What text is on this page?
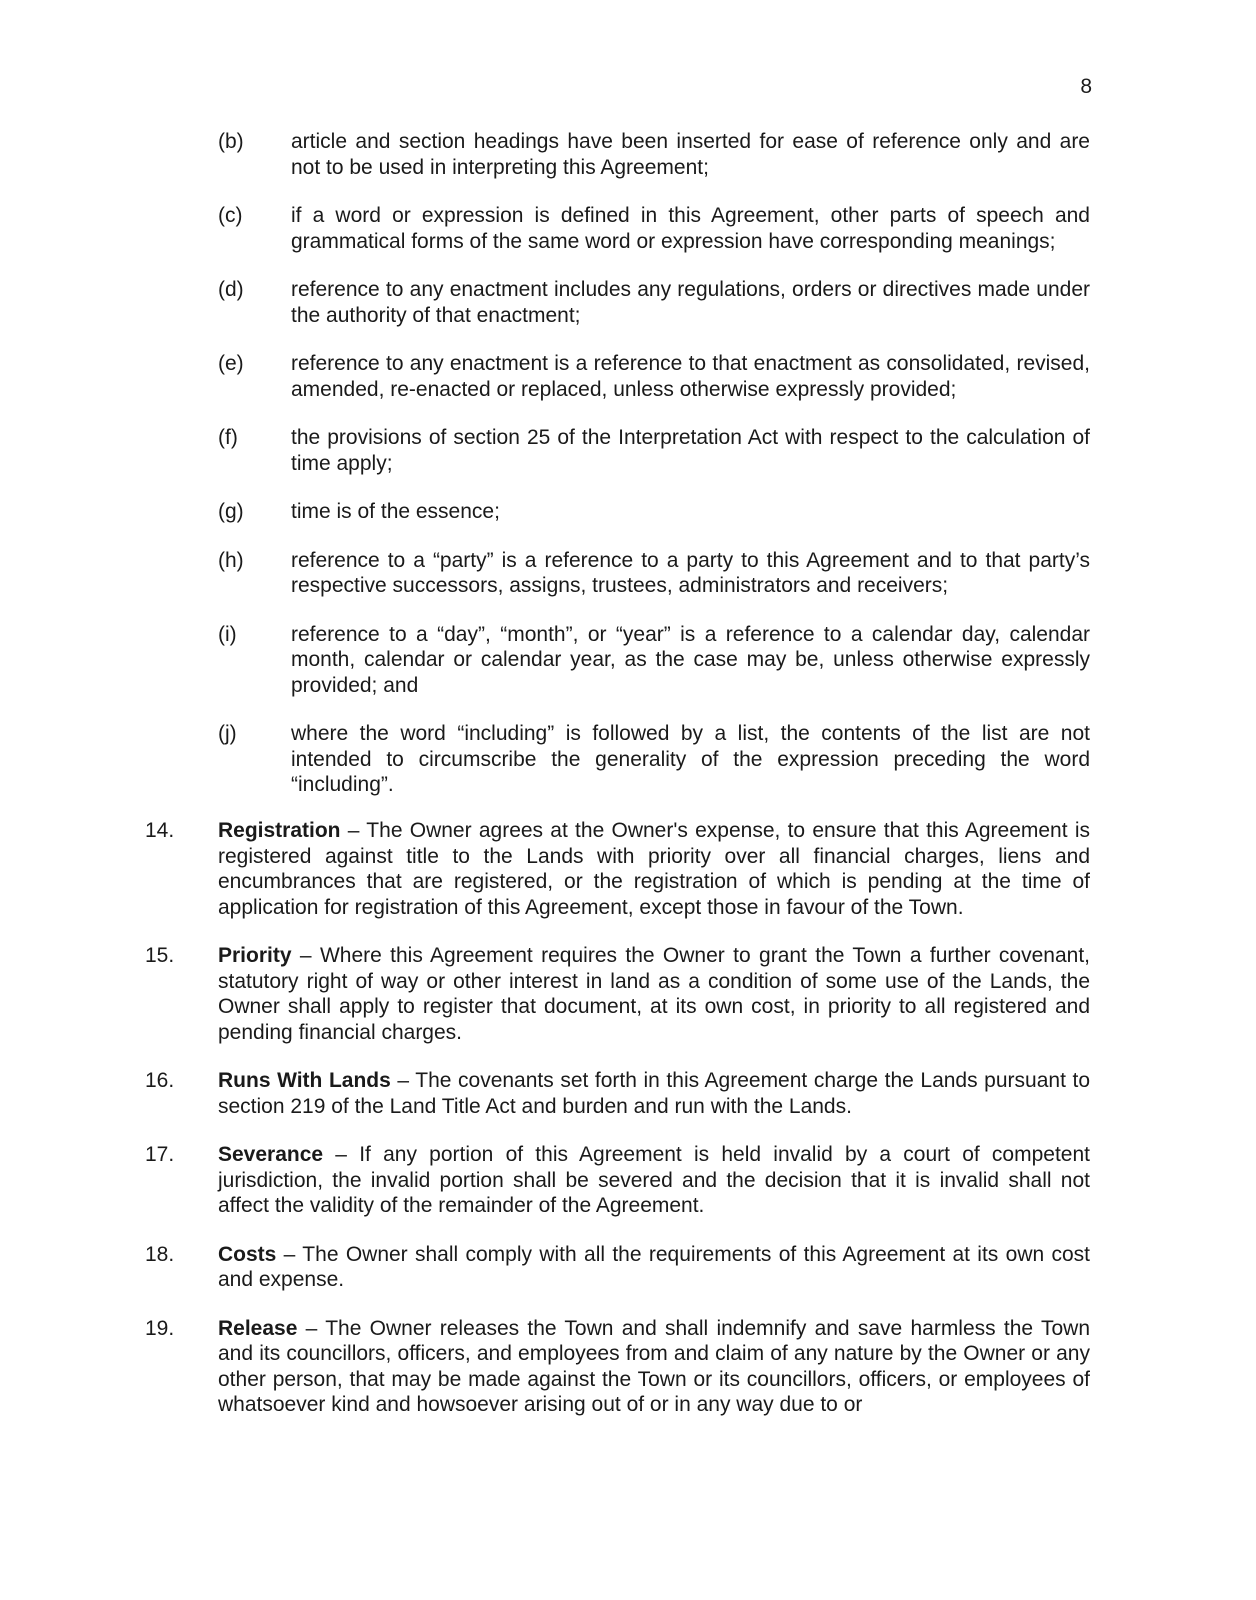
8
(b)	article and section headings have been inserted for ease of reference only and are not to be used in interpreting this Agreement;
(c)	if a word or expression is defined in this Agreement, other parts of speech and grammatical forms of the same word or expression have corresponding meanings;
(d)	reference to any enactment includes any regulations, orders or directives made under the authority of that enactment;
(e)	reference to any enactment is a reference to that enactment as consolidated, revised, amended, re-enacted or replaced, unless otherwise expressly provided;
(f)	the provisions of section 25 of the Interpretation Act with respect to the calculation of time apply;
(g)	time is of the essence;
(h)	reference to a “party” is a reference to a party to this Agreement and to that party’s respective successors, assigns, trustees, administrators and receivers;
(i)	reference to a “day”, “month”, or “year” is a reference to a calendar day, calendar month, calendar or calendar year, as the case may be, unless otherwise expressly provided; and
(j)	where the word “including” is followed by a list, the contents of the list are not intended to circumscribe the generality of the expression preceding the word “including”.
14.	Registration – The Owner agrees at the Owner's expense, to ensure that this Agreement is registered against title to the Lands with priority over all financial charges, liens and encumbrances that are registered, or the registration of which is pending at the time of application for registration of this Agreement, except those in favour of the Town.
15.	Priority – Where this Agreement requires the Owner to grant the Town a further covenant, statutory right of way or other interest in land as a condition of some use of the Lands, the Owner shall apply to register that document, at its own cost, in priority to all registered and pending financial charges.
16.	Runs With Lands – The covenants set forth in this Agreement charge the Lands pursuant to section 219 of the Land Title Act and burden and run with the Lands.
17.	Severance – If any portion of this Agreement is held invalid by a court of competent jurisdiction, the invalid portion shall be severed and the decision that it is invalid shall not affect the validity of the remainder of the Agreement.
18.	Costs – The Owner shall comply with all the requirements of this Agreement at its own cost and expense.
19.	Release – The Owner releases the Town and shall indemnify and save harmless the Town and its councillors, officers, and employees from and claim of any nature by the Owner or any other person, that may be made against the Town or its councillors, officers, or employees of whatsoever kind and howsoever arising out of or in any way due to or
